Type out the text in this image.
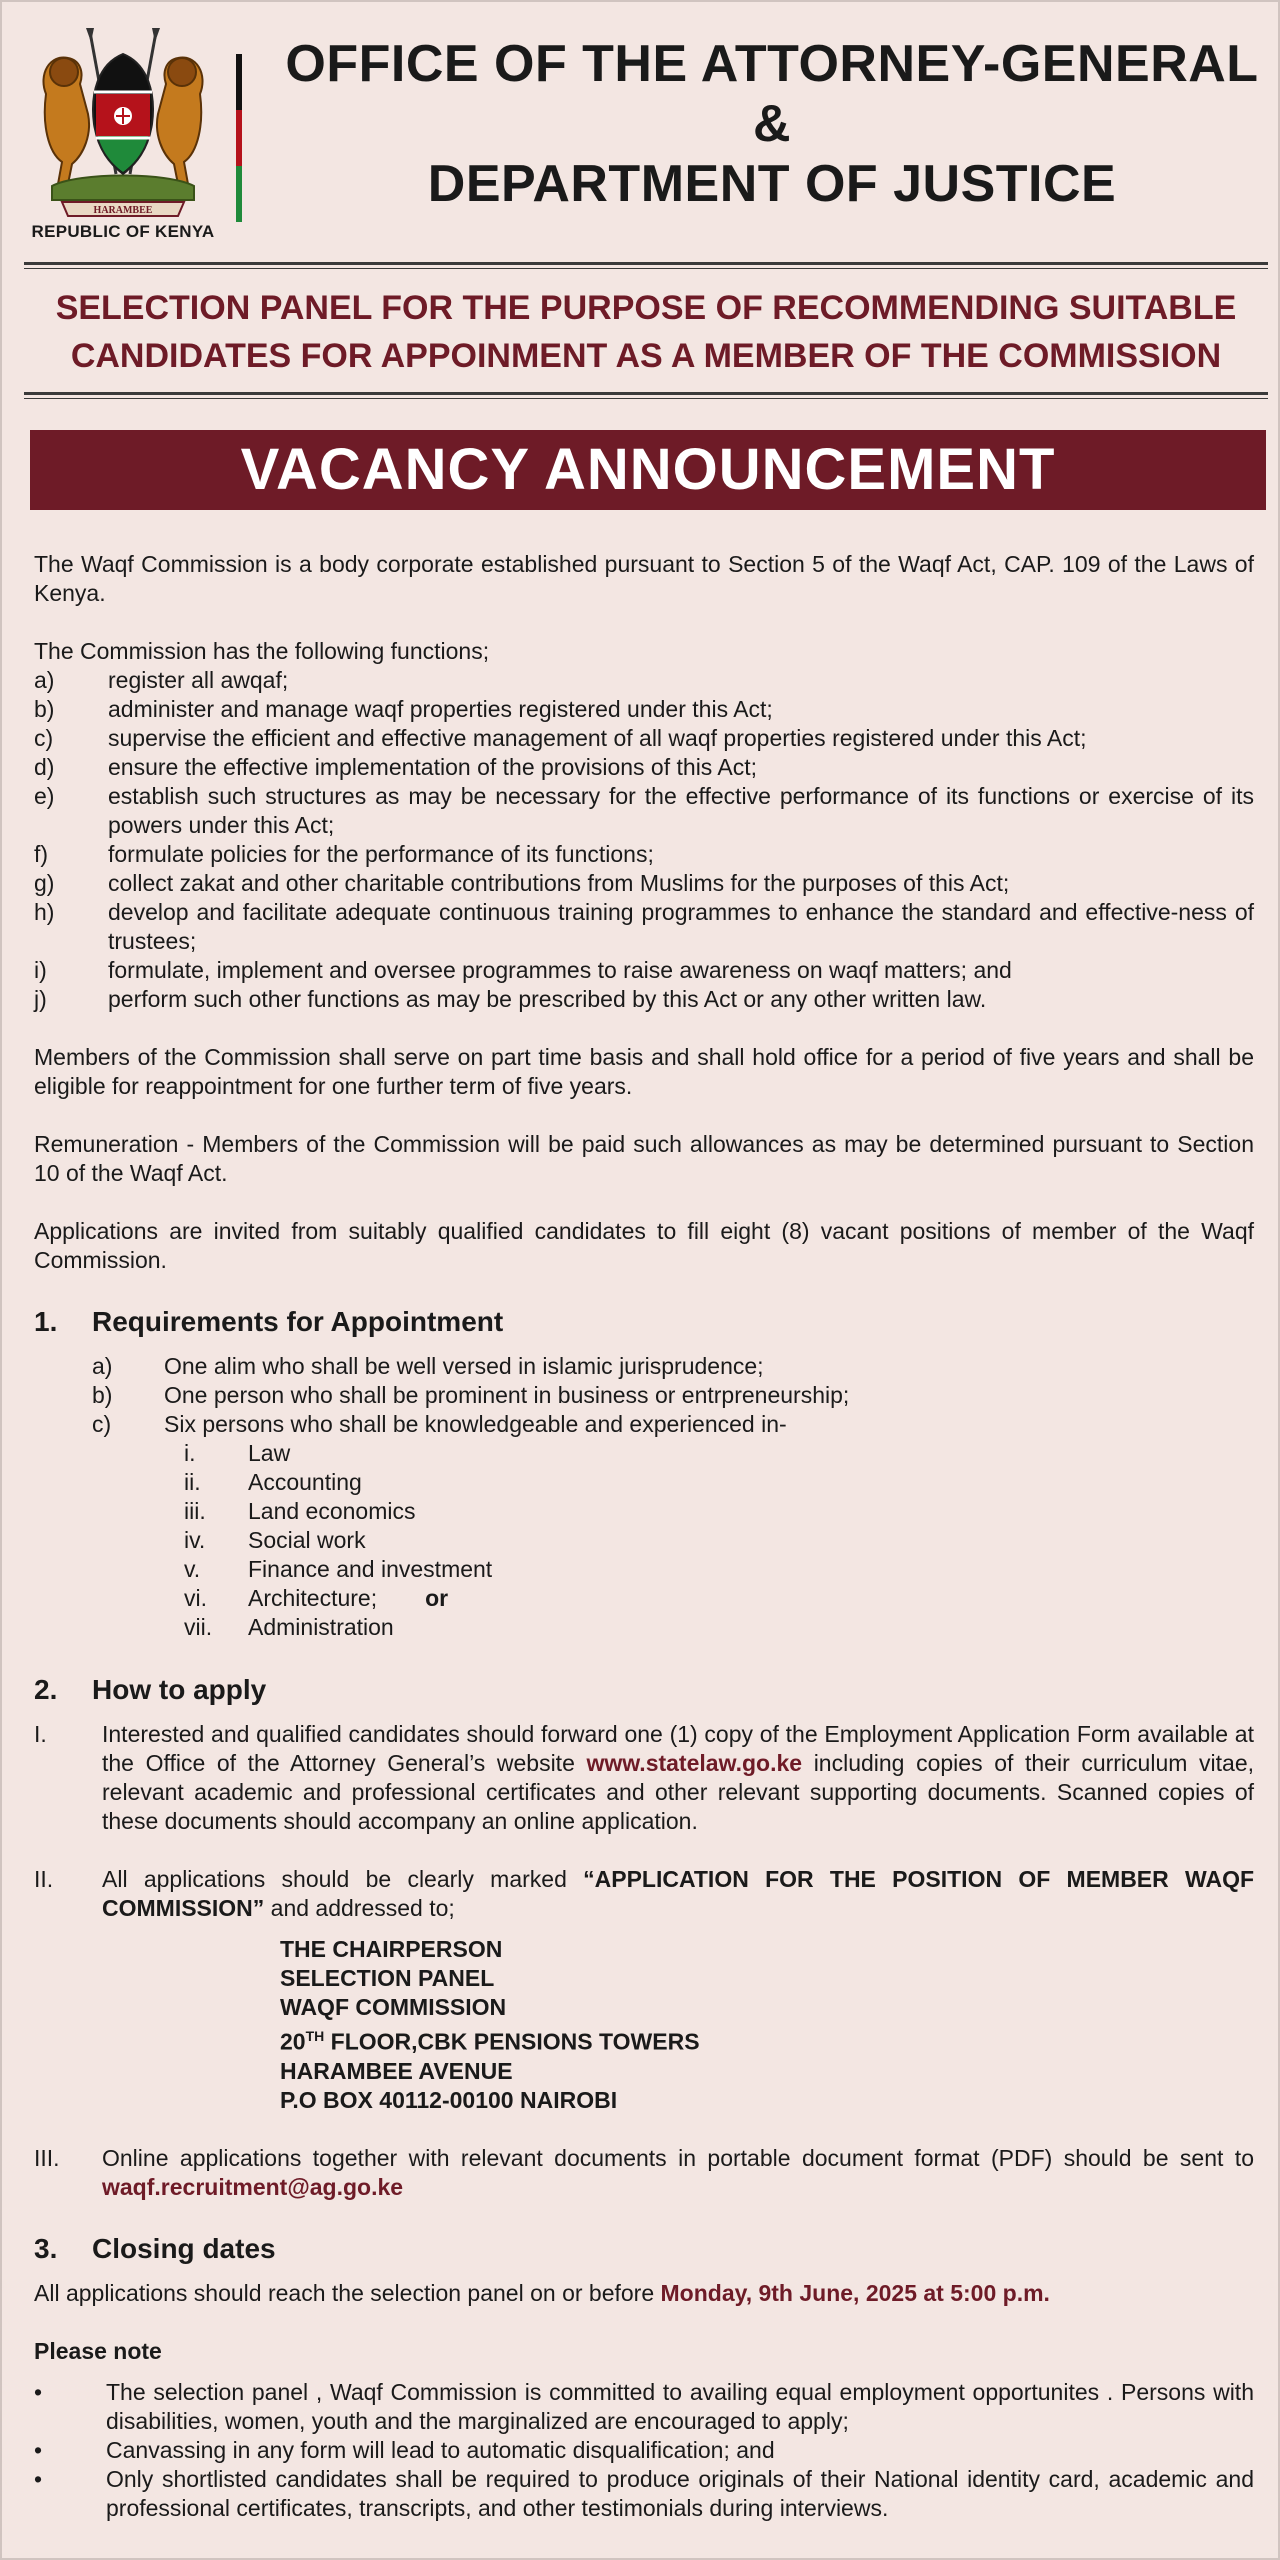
HARAMBEE
REPUBLIC OF KENYA
OFFICE OF THE ATTORNEY-GENERAL
&
DEPARTMENT OF JUSTICE
SELECTION PANEL FOR THE PURPOSE OF RECOMMENDING SUITABLE
CANDIDATES FOR APPOINMENT AS A MEMBER OF THE COMMISSION
VACANCY ANNOUNCEMENT

The Waqf Commission is a body corporate established pursuant to Section 5 of the Waqf Act, CAP. 109 of the Laws of Kenya.

The Commission has the following functions;

a)	register all awqaf;
b)	administer and manage waqf properties registered under this Act;
c)	supervise the efficient and effective management of all waqf properties registered under this Act;
d)	ensure the effective implementation of the provisions of this Act;
e)	establish such structures as may be necessary for the effective performance of its functions or exercise of its powers under this Act;
f)	formulate policies for the performance of its functions;
g)	collect zakat and other charitable contributions from Muslims for the purposes of this Act;
h)	develop and facilitate adequate continuous training programmes to enhance the standard and effective-ness of trustees;
i)	formulate, implement and oversee programmes to raise awareness on waqf matters; and
j)	perform such other functions as may be prescribed by this Act or any other written law.

Members of the Commission shall serve on part time basis and shall hold office for a period of five years and shall be eligible for reappointment for one further term of five years.

Remuneration - Members of the Commission will be paid such allowances as may be determined pursuant to Section 10 of the Waqf Act.

Applications are invited from suitably qualified candidates to fill eight (8) vacant positions of member of the Waqf Commission.

1.	Requirements for Appointment
a)	One alim who shall be well versed in islamic jurisprudence;
b)	One person who shall be prominent in business or entrpreneurship;
c)	Six persons who shall be knowledgeable and experienced in-
i.	Law
ii.	Accounting
iii.	Land economics
iv.	Social work
v.	Finance and investment
vi.	Architecture; or
vii.	Administration
2.	How to apply
I.	Interested and qualified candidates should forward one (1) copy of the Employment Application Form available at the Office of the Attorney General’s website www.statelaw.go.ke including copies of their curriculum vitae, relevant academic and professional certificates and other relevant supporting documents. Scanned copies of these documents should accompany an online application.
II.	All applications should be clearly marked “APPLICATION FOR THE POSITION OF MEMBER WAQF COMMISSION” and addressed to;
THE CHAIRPERSON
SELECTION PANEL
WAQF COMMISSION
20TH FLOOR,CBK PENSIONS TOWERS
HARAMBEE AVENUE
P.O BOX 40112-00100 NAIROBI
III.	Online applications together with relevant documents in portable document format (PDF) should be sent to waqf.recruitment@ag.go.ke
3.	Closing dates

All applications should reach the selection panel on or before Monday, 9th June, 2025 at 5:00 p.m.

Please note

•	The selection panel , Waqf Commission is committed to availing equal employment opportunites . Persons with disabilities, women, youth and the marginalized are encouraged to apply;
•	Canvassing in any form will lead to automatic disqualification; and
•	Only shortlisted candidates shall be required to produce originals of their National identity card, academic and professional certificates, transcripts, and other testimonials during interviews.
